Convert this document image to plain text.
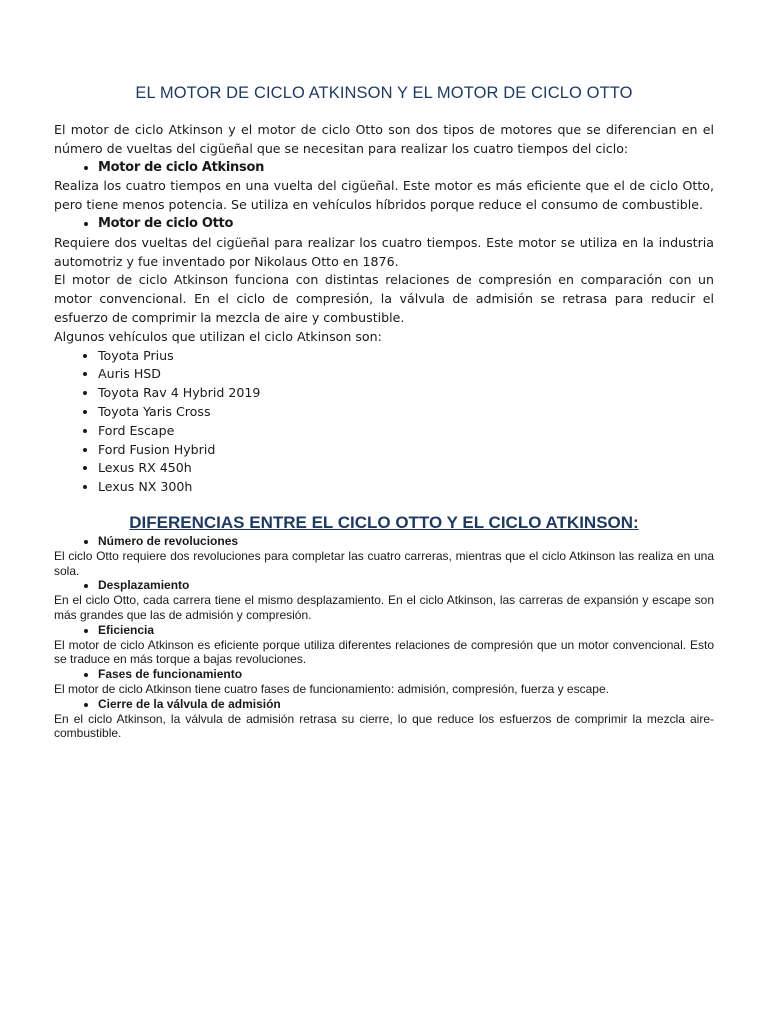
EL MOTOR DE CICLO ATKINSON Y EL MOTOR DE CICLO OTTO

El motor de ciclo Atkinson y el motor de ciclo Otto son dos tipos de motores que se diferencian en el número de vueltas del cigüeñal que se necesitan para realizar los cuatro tiempos del ciclo:

• Motor de ciclo Atkinson

Realiza los cuatro tiempos en una vuelta del cigüeñal. Este motor es más eficiente que el de ciclo Otto, pero tiene menos potencia. Se utiliza en vehículos híbridos porque reduce el consumo de combustible.

• Motor de ciclo Otto

Requiere dos vueltas del cigüeñal para realizar los cuatro tiempos. Este motor se utiliza en la industria automotriz y fue inventado por Nikolaus Otto en 1876.

El motor de ciclo Atkinson funciona con distintas relaciones de compresión en comparación con un motor convencional. En el ciclo de compresión, la válvula de admisión se retrasa para reducir el esfuerzo de comprimir la mezcla de aire y combustible.

Algunos vehículos que utilizan el ciclo Atkinson son:

• Toyota Prius
• Auris HSD
• Toyota Rav 4 Hybrid 2019
• Toyota Yaris Cross
• Ford Escape
• Ford Fusion Hybrid
• Lexus RX 450h
• Lexus NX 300h
DIFERENCIAS ENTRE EL CICLO OTTO Y EL CICLO ATKINSON:
• Número de revoluciones

El ciclo Otto requiere dos revoluciones para completar las cuatro carreras, mientras que el ciclo Atkinson las realiza en una sola.

• Desplazamiento

En el ciclo Otto, cada carrera tiene el mismo desplazamiento. En el ciclo Atkinson, las carreras de expansión y escape son más grandes que las de admisión y compresión.

• Eficiencia

El motor de ciclo Atkinson es eficiente porque utiliza diferentes relaciones de compresión que un motor convencional. Esto se traduce en más torque a bajas revoluciones.

• Fases de funcionamiento

El motor de ciclo Atkinson tiene cuatro fases de funcionamiento: admisión, compresión, fuerza y escape.

• Cierre de la válvula de admisión

En el ciclo Atkinson, la válvula de admisión retrasa su cierre, lo que reduce los esfuerzos de comprimir la mezcla aire-combustible.
